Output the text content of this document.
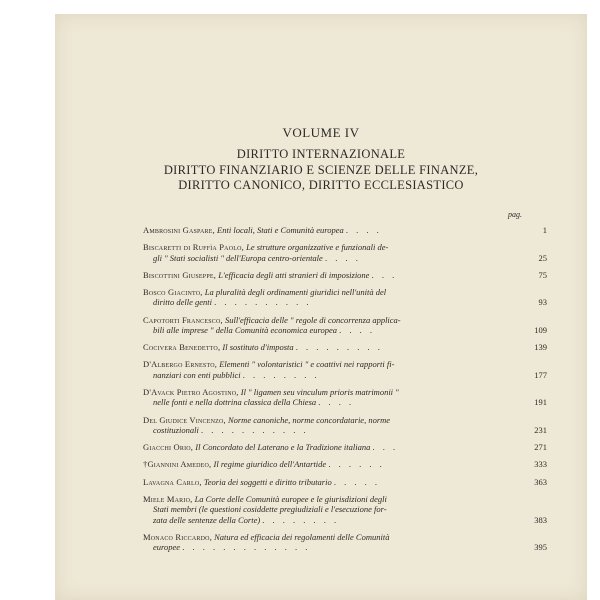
VOLUME IV
DIRITTO INTERNAZIONALE
DIRITTO FINANZIARIO E SCIENZE DELLE FINANZE,
DIRITTO CANONICO, DIRITTO ECCLESIASTICO
pag.
Ambrosini Gaspare, Enti locali, Stati e Comunità europea . . . .	1
Biscaretti di Ruffìa Paolo, Le strutture organizzative e funzionali de-
gli " Stati socialisti " dell'Europa centro-orientale . . . .	25
Biscottini Giuseppe, L'efficacia degli atti stranieri di imposizione . . .	75
Bosco Giacinto, La pluralità degli ordinamenti giuridici nell'unità del
diritto delle genti . . . . . . . . . .	93
Capotorti Francesco, Sull'efficacia delle " regole di concorrenza applica-
bili alle imprese " della Comunità economica europea . . . .	109
Cocivera Benedetto, Il sostituto d'imposta . . . . . . . . .	139
D'Albergo Ernesto, Elementi " volontaristici " e coattivi nei rapporti fi-
nanziari con enti pubblici . . . . . . . .	177
D'Avack Pietro Agostino, Il " ligamen seu vinculum prioris matrimonii "
nelle fonti e nella dottrina classica della Chiesa . . . .	191
Del Giudice Vincenzo, Norme canoniche, norme concordatarie, norme
costituzionali . . . . . . . . . . .	231
Giacchi Orio, Il Concordato del Laterano e la Tradizione italiana . . .	271
†Giannini Amedeo, Il regime giuridico dell'Antartide . . . . . .	333
Lavagna Carlo, Teoria dei soggetti e diritto tributario . . . . .	363
Miele Mario, La Corte delle Comunità europee e le giurisdizioni degli
Stati membri (le questioni cosiddette pregiudiziali e l'esecuzione for-
zata delle sentenze della Corte) . . . . . . . .	383
Monaco Riccardo, Natura ed efficacia dei regolamenti delle Comunità
europee . . . . . . . . . . . . .	395
